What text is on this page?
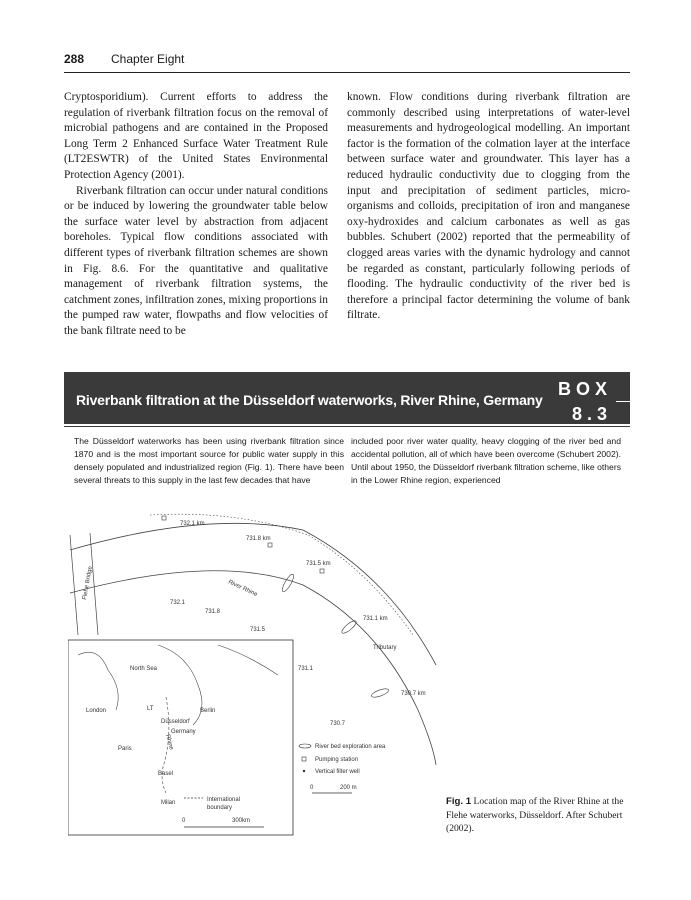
288 Chapter Eight

Cryptosporidium). Current efforts to address the regulation of riverbank filtration focus on the removal of microbial pathogens and are contained in the Proposed Long Term 2 Enhanced Surface Water Treatment Rule (LT2ESWTR) of the United States Environmental Protection Agency (2001).

Riverbank filtration can occur under natural conditions or be induced by lowering the groundwater table below the surface water level by abstraction from adjacent boreholes. Typical flow conditions associated with different types of riverbank filtration schemes are shown in Fig. 8.6. For the quantitative and qualitative management of riverbank filtration systems, the catchment zones, infiltration zones, mixing proportions in the pumped raw water, flowpaths and flow velocities of the bank filtrate need to be

known. Flow conditions during riverbank filtration are commonly described using interpretations of water-level measurements and hydrogeological modelling. An important factor is the formation of the colmation layer at the interface between surface water and groundwater. This layer has a reduced hydraulic conductivity due to clogging from the input and precipitation of sediment particles, micro-organisms and colloids, precipitation of iron and manganese oxy-hydroxides and calcium carbonates as well as gas bubbles. Schubert (2002) reported that the permeability of clogged areas varies with the dynamic hydrology and cannot be regarded as constant, particularly following periods of flooding. The hydraulic conductivity of the river bed is therefore a principal factor determining the volume of bank filtrate.

Riverbank filtration at the Düsseldorf waterworks, River Rhine, Germany
BOX
8.3
The Düsseldorf waterworks has been using riverbank filtration since 1870 and is the most important source for public water supply in this densely populated and industrialized region (Fig. 1). There have been several threats to this supply in the last few decades that have
included poor river water quality, heavy clogging of the river bed and accidental pollution, all of which have been overcome (Schubert 2002). Until about 1950, the Düsseldorf riverbank filtration scheme, like others in the Lower Rhine region, experienced
Flehe Bridge
732.1 km
731.8 km
731.5 km
731.1 km
730.7 km
732.1
731.8
731.5
731.1
730.7
River Rhine
Tributary
North Sea
London	LT	Berlin
Düsseldorf
Germany
Paris	Rhine
Basel
Milan	International
boundary
0	300km
River bed exploration area
Pumping station
Vertical filter well
0	200 m
Fig. 1 Location map of the River Rhine at the Flehe waterworks, Düsseldorf. After Schubert (2002).
